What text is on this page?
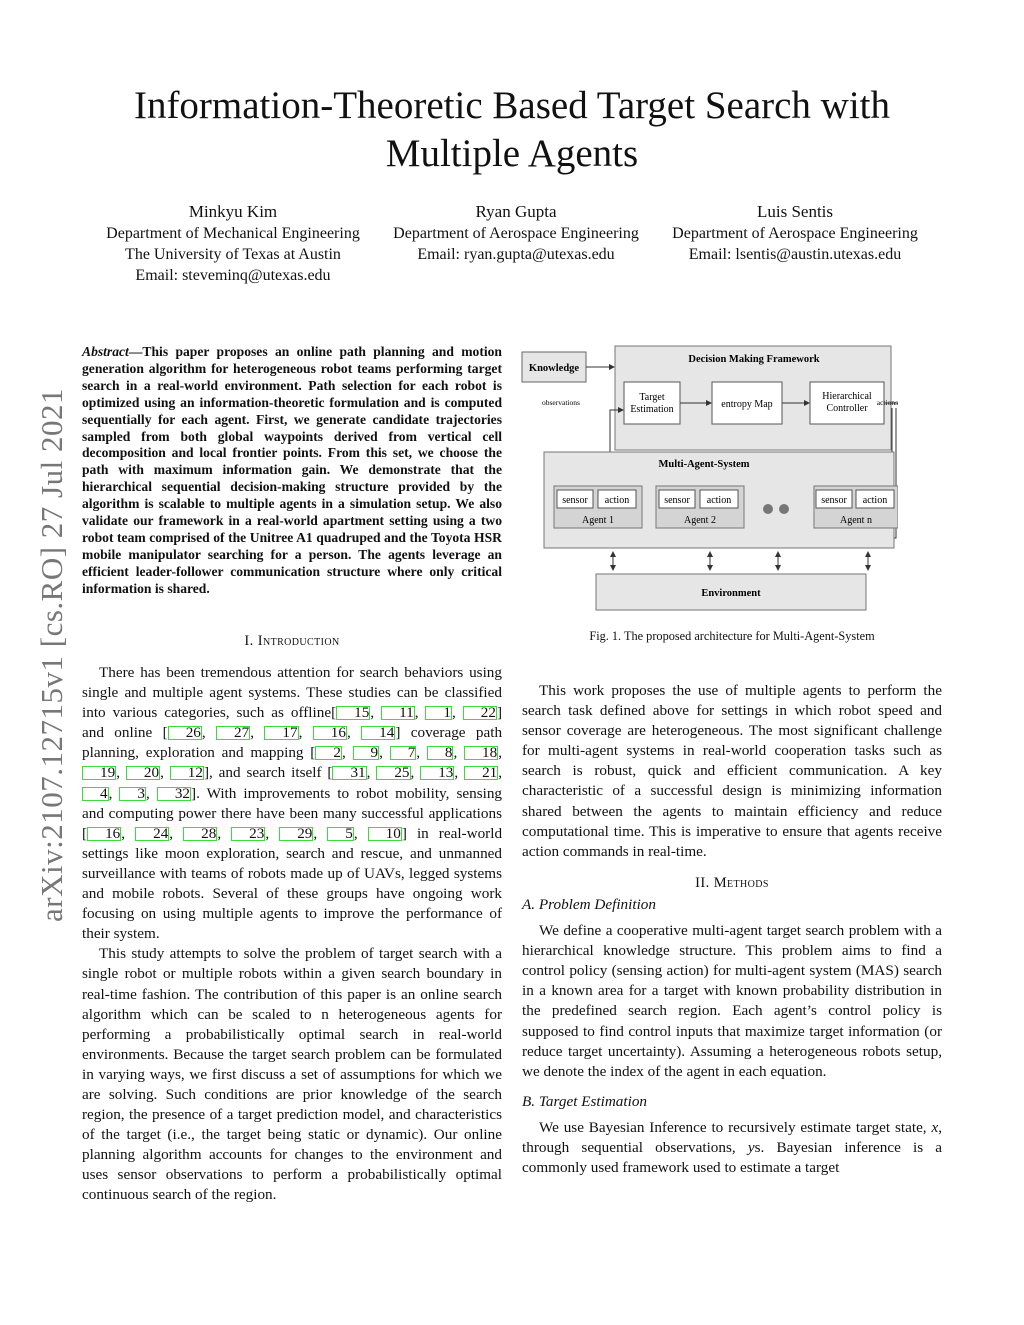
Information-Theoretic Based Target Search with
Multiple Agents
Minkyu Kim
Department of Mechanical Engineering
The University of Texas at Austin
Email: steveminq@utexas.edu
Ryan Gupta
Department of Aerospace Engineering
Email: ryan.gupta@utexas.edu
Luis Sentis
Department of Aerospace Engineering
Email: lsentis@austin.utexas.edu
arXiv:2107.12715v1 [cs.RO] 27 Jul 2021
Abstract—This paper proposes an online path planning and motion generation algorithm for heterogeneous robot teams performing target search in a real-world environment. Path selection for each robot is optimized using an information-theoretic formulation and is computed sequentially for each agent. First, we generate candidate trajectories sampled from both global waypoints derived from vertical cell decomposition and local frontier points. From this set, we choose the path with maximum information gain. We demonstrate that the hierarchical sequential decision-making structure provided by the algorithm is scalable to multiple agents in a simulation setup. We also validate our framework in a real-world apartment setting using a two robot team comprised of the Unitree A1 quadruped and the Toyota HSR mobile manipulator searching for a person. The agents leverage an efficient leader-follower communication structure where only critical information is shared.
I. Introduction

There has been tremendous attention for search behaviors using single and multiple agent systems. These studies can be classified into various categories, such as offline[ 15, 11, 1, 22] and online [ 26, 27, 17, 16, 14] coverage path planning, exploration and mapping [ 2, 9, 7, 8, 18, 19, 20, 12], and search itself [ 31, 25, 13, 21, 4, 3, 32]. With improvements to robot mobility, sensing and computing power there have been many successful applications [ 16, 24, 28, 23, 29, 5, 10] in real-world settings like moon exploration, search and rescue, and unmanned surveillance with teams of robots made up of UAVs, legged systems and mobile robots. Several of these groups have ongoing work focusing on using multiple agents to improve the performance of their system.

This study attempts to solve the problem of target search with a single robot or multiple robots within a given search boundary in real-time fashion. The contribution of this paper is an online search algorithm which can be scaled to n heterogeneous agents for performing a probabilistically optimal search in real-world environments. Because the target search problem can be formulated in varying ways, we first discuss a set of assumptions for which we are solving. Such conditions are prior knowledge of the search region, the presence of a target prediction model, and characteristics of the target (i.e., the target being static or dynamic). Our online planning algorithm accounts for changes to the environment and uses sensor observations to perform a probabilistically optimal continuous search of the region.

Knowledge
Decision Making Framework
Target
Estimation	entropy Map
Hierarchical
Controller
observations	actions
Multi-Agent-System
sensor action
Agent 1
sensor action
Agent 2
sensor action
Agent n
Environment
Fig. 1. The proposed architecture for Multi-Agent-System

This work proposes the use of multiple agents to perform the search task defined above for settings in which robot speed and sensor coverage are heterogeneous. The most significant challenge for multi-agent systems in real-world cooperation tasks such as search is robust, quick and efficient communication. A key characteristic of a successful design is minimizing information shared between the agents to maintain efficiency and reduce computational time. This is imperative to ensure that agents receive action commands in real-time.

II. Methods
A. Problem Definition

We define a cooperative multi-agent target search problem with a hierarchical knowledge structure. This problem aims to find a control policy (sensing action) for multi-agent system (MAS) search in a known area for a target with known probability distribution in the predefined search region. Each agent’s control policy is supposed to find control inputs that maximize target information (or reduce target uncertainty). Assuming a heterogeneous robots setup, we denote the index of the agent in each equation.

B. Target Estimation

We use Bayesian Inference to recursively estimate target state, x, through sequential observations, ys. Bayesian inference is a commonly used framework used to estimate a target
